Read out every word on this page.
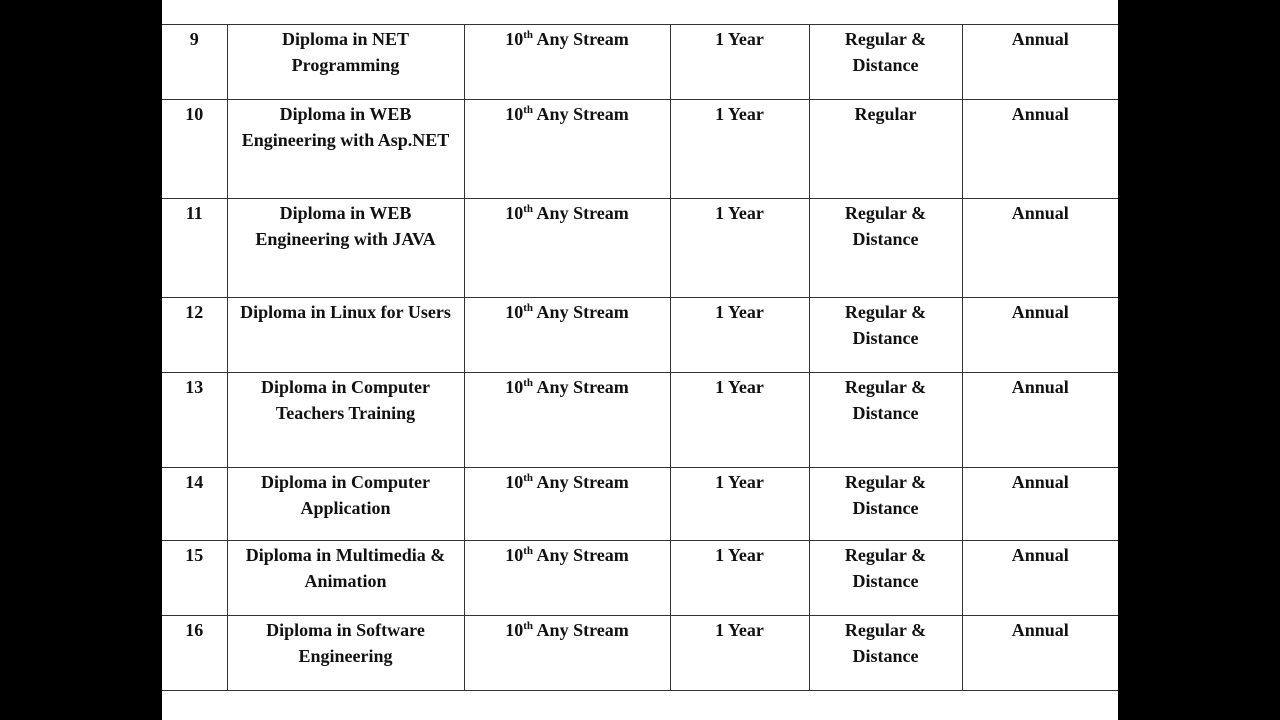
9	Diploma in NET Programming	10th Any Stream	1 Year	Regular & Distance	Annual
10	Diploma in WEB Engineering with Asp.NET	10th Any Stream	1 Year	Regular	Annual
11	Diploma in WEB Engineering with JAVA	10th Any Stream	1 Year	Regular & Distance	Annual
12	Diploma in Linux for Users	10th Any Stream	1 Year	Regular & Distance	Annual
13	Diploma in Computer Teachers Training	10th Any Stream	1 Year	Regular & Distance	Annual
14	Diploma in Computer Application	10th Any Stream	1 Year	Regular & Distance	Annual
15	Diploma in Multimedia & Animation	10th Any Stream	1 Year	Regular & Distance	Annual
16	Diploma in Software Engineering	10th Any Stream	1 Year	Regular & Distance	Annual
